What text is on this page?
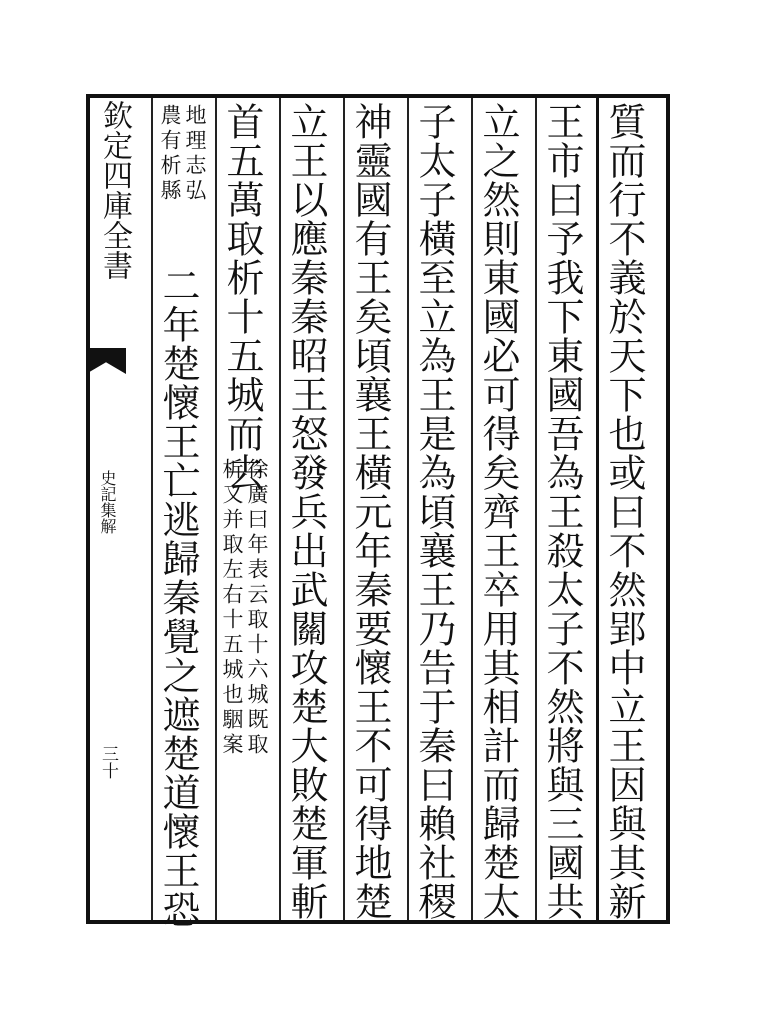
欽定四庫全書
史記集解
三十	質而行不義於天下也或曰不然郢中立王因與其新
王市曰予我下東國吾為王殺太子不然將與三國共
立之然則東國必可得矣齊王卒用其相計而歸楚太
子太子橫至立為王是為頃襄王乃告于秦曰賴社稷
神靈國有王矣頃襄王橫元年秦要懷王不可得地楚
立王以應秦秦昭王怒發兵出武關攻楚大敗楚軍斬
首五萬取析十五城而去
徐廣曰年表云取十六城既取
析又并取左右十五城也駰案
地理志弘
農有析縣
二年楚懷王亡逃歸秦覺之遮楚道懷王恐
